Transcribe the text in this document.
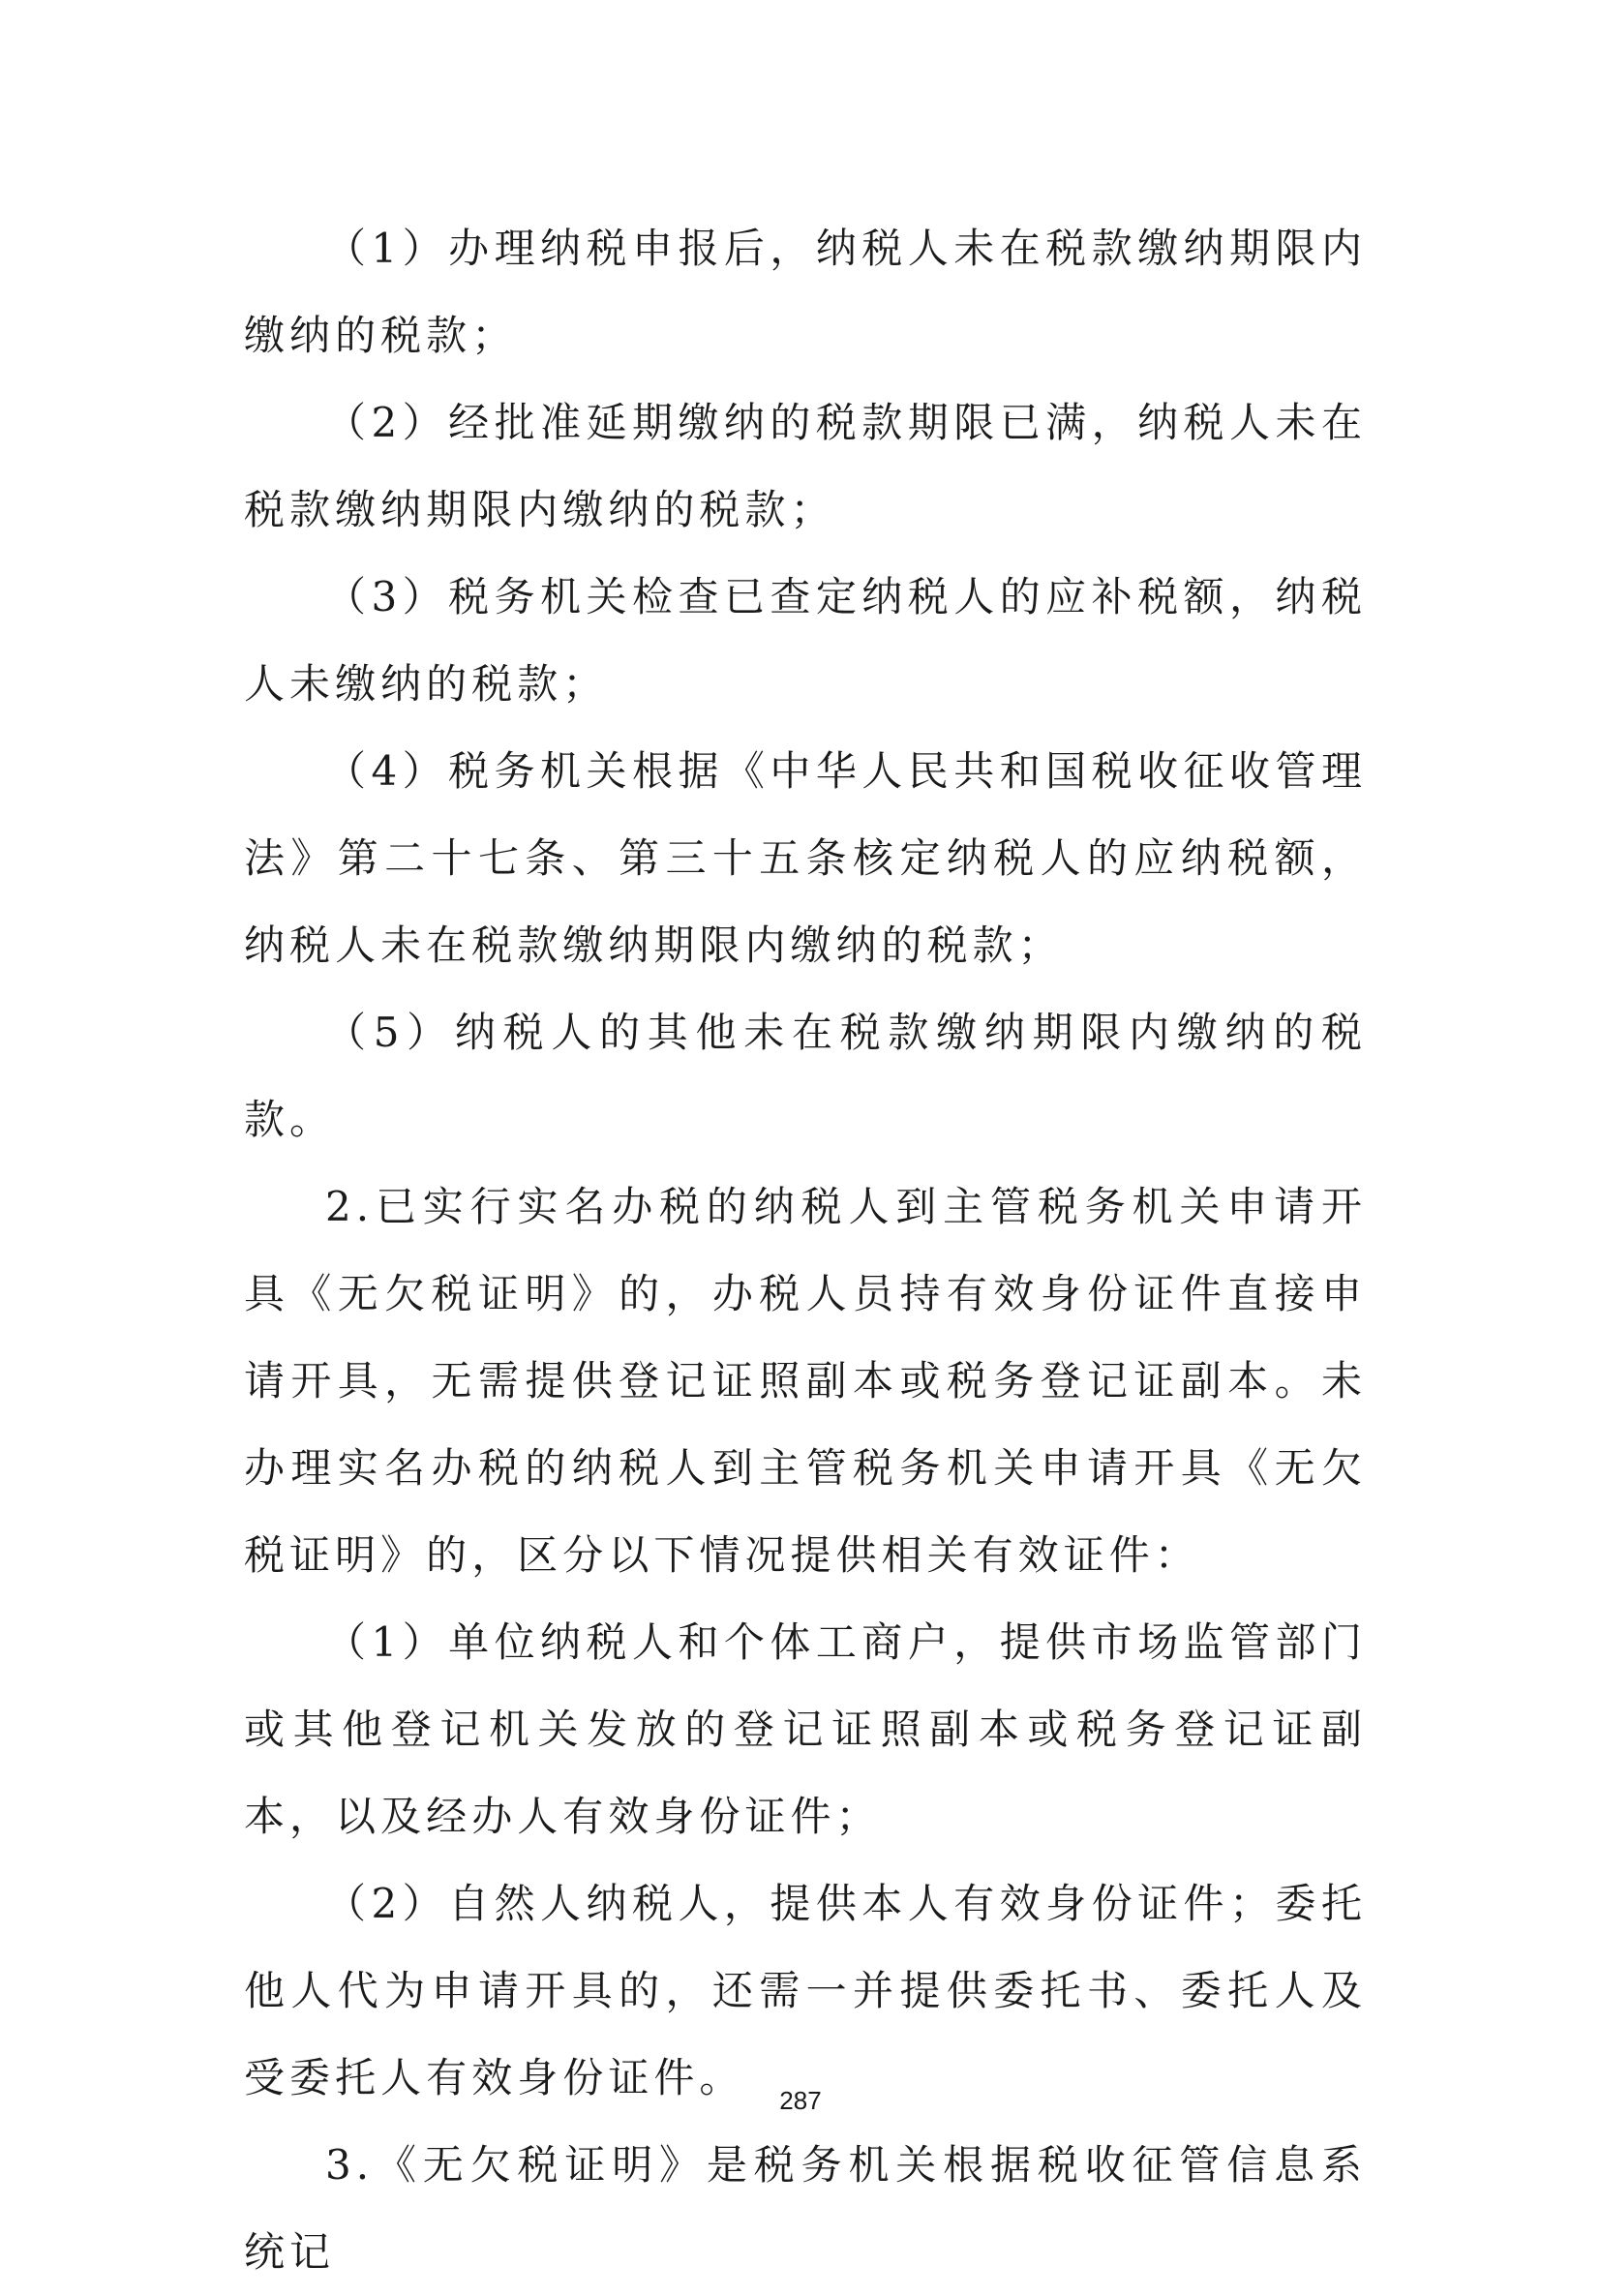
（1）办理纳税申报后，纳税人未在税款缴纳期限内缴纳的税款；

（2）经批准延期缴纳的税款期限已满，纳税人未在税款缴纳期限内缴纳的税款；

（3）税务机关检查已查定纳税人的应补税额，纳税人未缴纳的税款；

（4）税务机关根据《中华人民共和国税收征收管理法》第二十七条、第三十五条核定纳税人的应纳税额，纳税人未在税款缴纳期限内缴纳的税款；

（5）纳税人的其他未在税款缴纳期限内缴纳的税款。

2.已实行实名办税的纳税人到主管税务机关申请开具《无欠税证明》的，办税人员持有效身份证件直接申请开具，无需提供登记证照副本或税务登记证副本。未办理实名办税的纳税人到主管税务机关申请开具《无欠税证明》的，区分以下情况提供相关有效证件：

（1）单位纳税人和个体工商户，提供市场监管部门或其他登记机关发放的登记证照副本或税务登记证副本，以及经办人有效身份证件；

（2）自然人纳税人，提供本人有效身份证件；委托他人代为申请开具的，还需一并提供委托书、委托人及受委托人有效身份证件。

3.《无欠税证明》是税务机关根据税收征管信息系统记

287
